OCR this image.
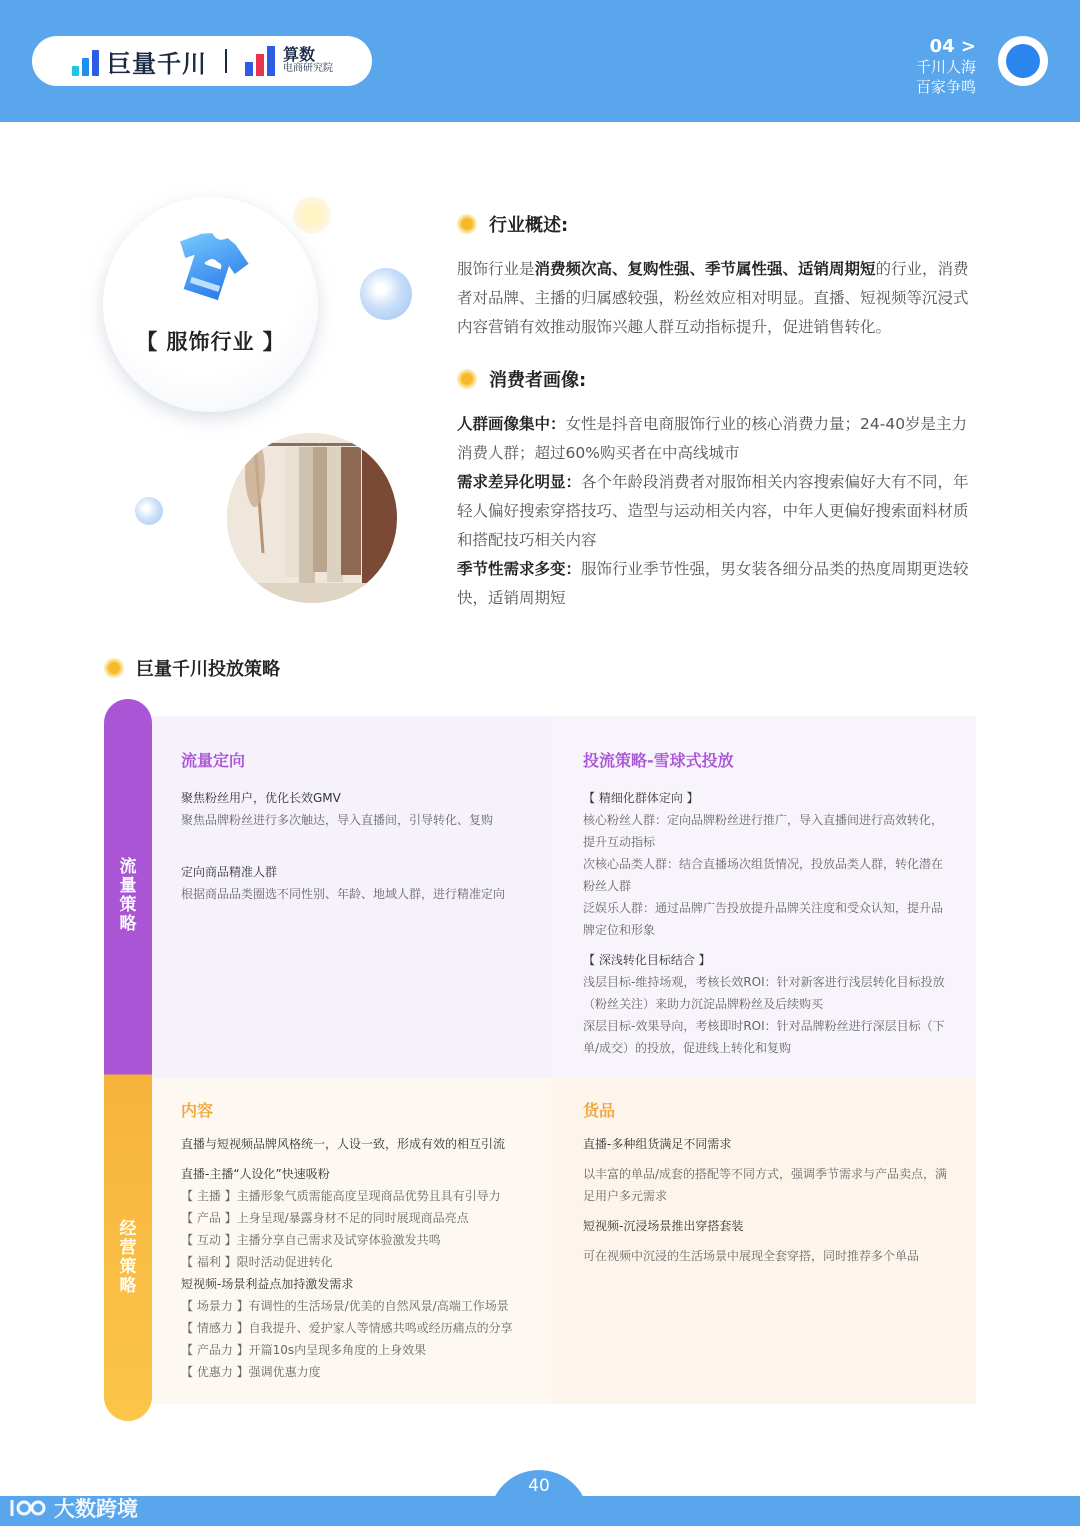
巨量千川	算数
电商研究院
04 >
千川人海
百家争鸣
【 服饰行业 】
行业概述:

服饰行业是消费频次高、复购性强、季节属性强、适销周期短的行业，消费者对品牌、主播的归属感较强，粉丝效应相对明显。直播、短视频等沉浸式内容营销有效推动服饰兴趣人群互动指标提升，促进销售转化。

消费者画像:

人群画像集中：女性是抖音电商服饰行业的核心消费力量；24-40岁是主力消费人群；超过60%购买者在中高线城市

需求差异化明显：各个年龄段消费者对服饰相关内容搜索偏好大有不同，年轻人偏好搜索穿搭技巧、造型与运动相关内容，中年人更偏好搜索面料材质和搭配技巧相关内容

季节性需求多变：服饰行业季节性强，男女装各细分品类的热度周期更迭较快，适销周期短

巨量千川投放策略
流
量
策
略
经
营
策
略
流量定向
聚焦粉丝用户，优化长效GMV
聚焦品牌粉丝进行多次触达，导入直播间，引导转化、复购
定向商品精准人群
根据商品品类圈选不同性别、年龄、地域人群，进行精准定向
投流策略-雪球式投放
【 精细化群体定向 】
核心粉丝人群：定向品牌粉丝进行推广，导入直播间进行高效转化，提升互动指标
次核心品类人群：结合直播场次组货情况，投放品类人群，转化潜在粉丝人群
泛娱乐人群：通过品牌广告投放提升品牌关注度和受众认知，提升品牌定位和形象
【 深浅转化目标结合 】
浅层目标-维持场观，考核长效ROI：针对新客进行浅层转化目标投放（粉丝关注）来助力沉淀品牌粉丝及后续购买
深层目标-效果导向，考核即时ROI：针对品牌粉丝进行深层目标（下单/成交）的投放，促进线上转化和复购
内容
直播与短视频品牌风格统一，人设一致，形成有效的相互引流
直播-主播“人设化”快速吸粉
【 主播 】主播形象气质需能高度呈现商品优势且具有引导力
【 产品 】上身呈现/暴露身材不足的同时展现商品亮点
【 互动 】主播分享自己需求及试穿体验激发共鸣
【 福利 】限时活动促进转化
短视频-场景利益点加持激发需求
【 场景力 】有调性的生活场景/优美的自然风景/高端工作场景
【 情感力 】自我提升、爱护家人等情感共鸣或经历痛点的分享
【 产品力 】开篇10s内呈现多角度的上身效果
【 优惠力 】强调优惠力度
货品
直播-多种组货满足不同需求
以丰富的单品/成套的搭配等不同方式，强调季节需求与产品卖点，满足用户多元需求
短视频-沉浸场景推出穿搭套装
可在视频中沉浸的生活场景中展现全套穿搭，同时推荐多个单品
40
大数跨境
